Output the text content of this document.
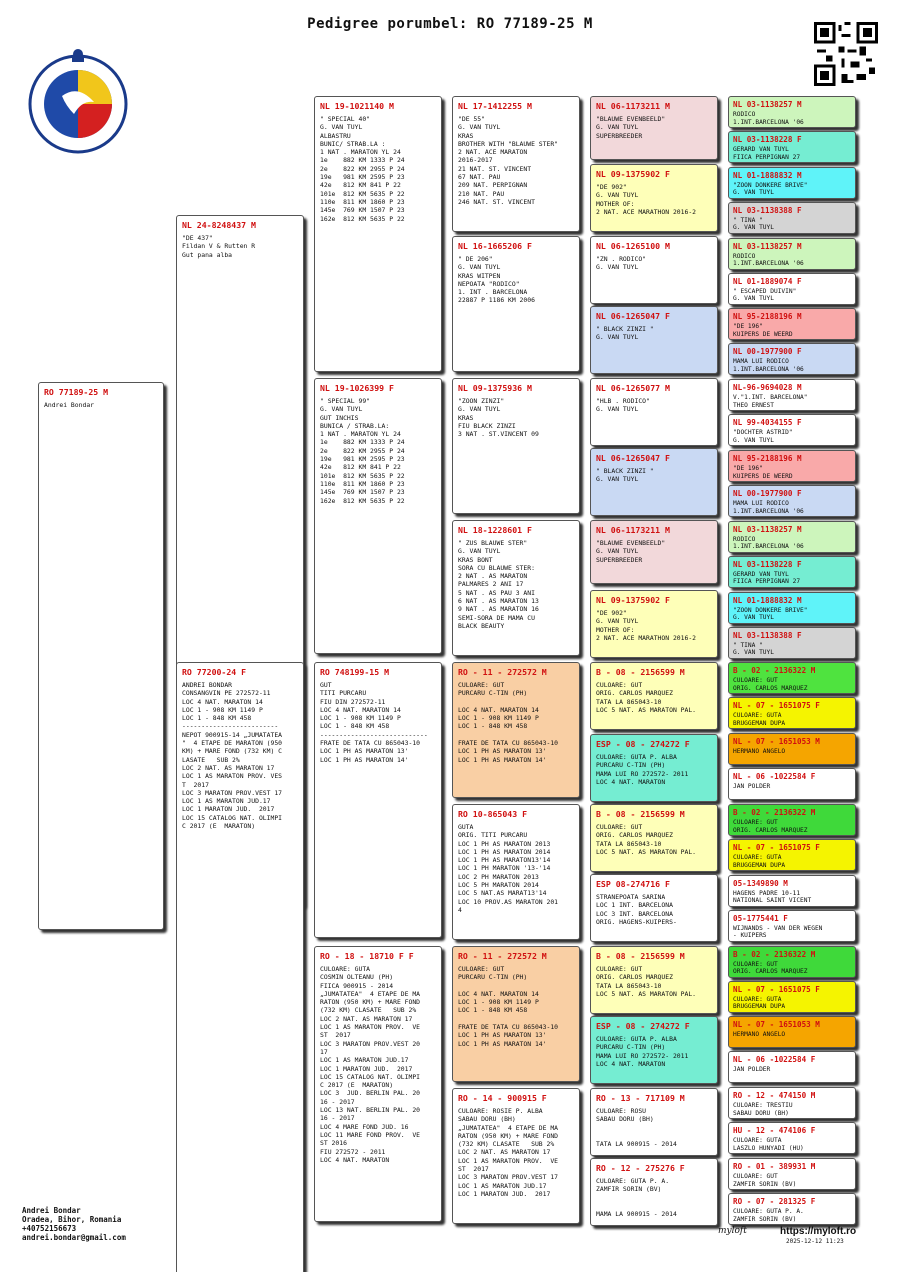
Pedigree porumbel: RO 77189-25 M
RO 77189-25 M
Andrei Bondar
NL 24-8248437 M
"DE 437"
Fildan V & Rutten R
Gut pana alba
RO 77200-24 F
ANDREI BONDAR
CONSANGVIN PE 272572-11
LOC 4 NAT. MARATON 14
LOC 1 - 908 KM 1149 P
LOC 1 - 848 KM 458
-------------------------
NEPOT 900915-14 „JUMATATEA
"  4 ETAPE DE MARATON (950
KM) + MARE FOND (732 KM) C
LASATE   SUB 2%
LOC 2 NAT. AS MARATON 17
LOC 1 AS MARATON PROV. VES
T  2017
LOC 3 MARATON PROV.VEST 17
LOC 1 AS MARATON JUD.17
LOC 1 MARATON JUD.  2017
LOC 15 CATALOG NAT. OLIMPI
C 2017 (E  MARATON)
NL 19-1021140 M
" SPECIAL 40"
G. VAN TUYL
ALBASTRU
BUNIC/ STRAB.LA :
1 NAT . MARATON YL 24
1e    882 KM 1333 P 24
2e    822 KM 2955 P 24
19e   981 KM 2595 P 23
42e   812 KM 841 P 22
101e  812 KM 5635 P 22
110e  811 KM 1860 P 23
145e  769 KM 1507 P 23
162e  812 KM 5635 P 22
NL 19-1026399 F
" SPECIAL 99"
G. VAN TUYL
GUT INCHIS
BUNICA / STRAB.LA:
1 NAT . MARATON YL 24
1e    882 KM 1333 P 24
2e    822 KM 2955 P 24
19e   981 KM 2595 P 23
42e   812 KM 841 P 22
101e  812 KM 5635 P 22
110e  811 KM 1860 P 23
145e  769 KM 1507 P 23
162e  812 KM 5635 P 22
RO 748199-15 M
GUT
TITI PURCARU
FIU DIN 272572-11
LOC 4 NAT. MARATON 14
LOC 1 - 908 KM 1149 P
LOC 1 - 848 KM 458
----------------------------
FRATE DE TATA CU 865043-10
LOC 1 PH AS MARATON 13'
LOC 1 PH AS MARATON 14'
RO - 18 - 18710 F F
CULOARE: GUTA
COSMIN OLTEANU (PH)
FIICA 900915 - 2014
„JUMATATEA"  4 ETAPE DE MA
RATON (950 KM) + MARE FOND
(732 KM) CLASATE   SUB 2%
LOC 2 NAT. AS MARATON 17
LOC 1 AS MARATON PROV.  VE
ST  2017
LOC 3 MARATON PROV.VEST 20
17
LOC 1 AS MARATON JUD.17
LOC 1 MARATON JUD.  2017
LOC 15 CATALOG NAT. OLIMPI
C 2017 (E  MARATON)
LOC 3  JUD. BERLIN PAL. 20
16 - 2017
LOC 13 NAT. BERLIN PAL. 20
16 - 2017
LOC 4 MARE FOND JUD. 16
LOC 11 MARE FOND PROV.  VE
ST 2016
FIU 272572 - 2011
LOC 4 NAT. MARATON
NL 17-1412255 M
"DE 55"
G. VAN TUYL
KRAS
BROTHER WITH "BLAUWE STER"
2 NAT. ACE MARATON
2016-2017
21 NAT. ST. VINCENT
67 NAT. PAU
209 NAT. PERPIGNAN
210 NAT. PAU
246 NAT. ST. VINCENT
NL 16-1665206 F
" DE 206"
G. VAN TUYL
KRAS WITPEN
NEPOATA "RODICO"
1. INT . BARCELONA
22887 P 1186 KM 2006
NL 09-1375936 M
"ZOON ZINZI"
G. VAN TUYL
KRAS
FIU BLACK ZINZI
3 NAT . ST.VINCENT 09
NL 18-1228601 F
" ZUS BLAUWE STER"
G. VAN TUYL
KRAS BONT
SORA CU BLAUWE STER:
2 NAT . AS MARATON
PALMARES 2 ANI 17
5 NAT . AS PAU 3 ANI
6 NAT . AS MARATON 13
9 NAT . AS MARATON 16
SEMI-SORA DE MAMA CU
BLACK BEAUTY
RO - 11 - 272572 M
CULOARE: GUT
PURCARU C-TIN (PH)

LOC 4 NAT. MARATON 14
LOC 1 - 908 KM 1149 P
LOC 1 - 848 KM 458

FRATE DE TATA CU 865043-10
LOC 1 PH AS MARATON 13'
LOC 1 PH AS MARATON 14'
RO 10-865043 F
GUTA
ORIG. TITI PURCARU
LOC 1 PH AS MARATON 2013
LOC 1 PH AS MARATON 2014
LOC 1 PH AS MARATON13'14
LOC 1 PH MARATON '13-'14
LOC 2 PH MARATON 2013
LOC 5 PH MARATON 2014
LOC 5 NAT.AS MARAT13'14
LOC 10 PROV.AS MARATON 201
4
RO - 11 - 272572 M
CULOARE: GUT
PURCARU C-TIN (PH)

LOC 4 NAT. MARATON 14
LOC 1 - 908 KM 1149 P
LOC 1 - 848 KM 458

FRATE DE TATA CU 865043-10
LOC 1 PH AS MARATON 13'
LOC 1 PH AS MARATON 14'
RO - 14 - 900915 F
CULOARE: ROSIE P. ALBA
SABAU DORU (BH)
„JUMATATEA"  4 ETAPE DE MA
RATON (950 KM) + MARE FOND
(732 KM) CLASATE   SUB 2%
LOC 2 NAT. AS MARATON 17
LOC 1 AS MARATON PROV.  VE
ST  2017
LOC 3 MARATON PROV.VEST 17
LOC 1 AS MARATON JUD.17
LOC 1 MARATON JUD.  2017
NL 06-1173211 M
"BLAUWE EVENBEELD"
G. VAN TUYL
SUPERBREEDER
NL 09-1375902 F
"DE 902"
G. VAN TUYL
MOTHER OF:
2 NAT. ACE MARATHON 2016-2
NL 06-1265100 M
"ZN . RODICO"
G. VAN TUYL
NL 06-1265047 F
" BLACK ZINZI "
G. VAN TUYL
NL 06-1265077 M
"HLB . RODICO"
G. VAN TUYL
NL 06-1265047 F
" BLACK ZINZI "
G. VAN TUYL
NL 06-1173211 M
"BLAUWE EVENBEELD"
G. VAN TUYL
SUPERBREEDER
NL 09-1375902 F
"DE 902"
G. VAN TUYL
MOTHER OF:
2 NAT. ACE MARATHON 2016-2
B - 08 - 2156599 M
CULOARE: GUT
ORIG. CARLOS MARQUEZ
TATA LA 865043-10
LOC 5 NAT. AS MARATON PAL.
ESP - 08 - 274272 F
CULOARE: GUTA P. ALBA
PURCARU C-TIN (PH)
MAMA LUI RO 272572- 2011
LOC 4 NAT. MARATON
B - 08 - 2156599 M
CULOARE: GUT
ORIG. CARLOS MARQUEZ
TATA LA 865043-10
LOC 5 NAT. AS MARATON PAL.
ESP 08-274716 F
STRANEPOATA SARINA
LOC 1 INT. BARCELONA
LOC 3 INT. BARCELONA
ORIG. HAGENS-KUIPERS-
B - 08 - 2156599 M
CULOARE: GUT
ORIG. CARLOS MARQUEZ
TATA LA 865043-10
LOC 5 NAT. AS MARATON PAL.
ESP - 08 - 274272 F
CULOARE: GUTA P. ALBA
PURCARU C-TIN (PH)
MAMA LUI RO 272572- 2011
LOC 4 NAT. MARATON
RO - 13 - 717109 M
CULOARE: ROSU
SABAU DORU (BH)

TATA LA 900915 - 2014
RO - 12 - 275276 F
CULOARE: GUTA P. A.
ZAMFIR SORIN (BV)

MAMA LA 900915 - 2014
NL 03-1138257 M
RODICO
1.INT.BARCELONA '06
NL 03-1138228 F
GERARD VAN TUYL
FIICA PERPIGNAN 27
NL 01-1888832 M
"ZOON DONKERE BRIVE"
G. VAN TUYL
NL 03-1138388 F
" TINA "
G. VAN TUYL
NL 03-1138257 M
RODICO
1.INT.BARCELONA '06
NL 01-1889074 F
" ESCAPED DUIVIN"
G. VAN TUYL
NL 95-2188196 M
"DE 196"
KUIPERS DE WEERD
NL 00-1977900 F
MAMA LUI RODICO
1.INT.BARCELONA '06
NL-96-9694028 M
V."1.INT. BARCELONA"
THEO ERNEST
NL 99-4034155 F
"DOCHTER ASTRID"
G. VAN TUYL
NL 95-2188196 M
"DE 196"
KUIPERS DE WEERD
NL 00-1977900 F
MAMA LUI RODICO
1.INT.BARCELONA '06
NL 03-1138257 M
RODICO
1.INT.BARCELONA '06
NL 03-1138228 F
GERARD VAN TUYL
FIICA PERPIGNAN 27
NL 01-1888832 M
"ZOON DONKERE BRIVE"
G. VAN TUYL
NL 03-1138388 F
" TINA "
G. VAN TUYL
B - 02 - 2136322 M
CULOARE: GUT
ORIG. CARLOS MARQUEZ
NL - 07 - 1651075 F
CULOARE: GUTA
BRUGGEMAN DUPA
NL - 07 - 1651053 M
HERMANO ANGELO
NL - 06 -1022584 F
JAN POLDER
B - 02 - 2136322 M
CULOARE: GUT
ORIG. CARLOS MARQUEZ
NL - 07 - 1651075 F
CULOARE: GUTA
BRUGGEMAN DUPA
05-1349890 M
HAGENS PADRE 10-11
NATIONAL SAINT VICENT
05-1775441 F
WIJNANDS - VAN DER WEGEN
- KUIPERS
B - 02 - 2136322 M
CULOARE: GUT
ORIG. CARLOS MARQUEZ
NL - 07 - 1651075 F
CULOARE: GUTA
BRUGGEMAN DUPA
NL - 07 - 1651053 M
HERMANO ANGELO
NL - 06 -1022584 F
JAN POLDER
RO - 12 - 474150 M
CULOARE: TRESTIU
SABAU DORU (BH)
HU - 12 - 474106 F
CULOARE: GUTA
LASZLO HUNYADI (HU)
RO - 01 - 389931 M
CULOARE: GUT
ZAMFIR SORIN (BV)
RO - 07 - 281325 F
CULOARE: GUTA P. A.
ZAMFIR SORIN (BV)
Andrei Bondar
Oradea, Bihor, Romania
+40752156673
andrei.bondar@gmail.com
myloft	https://myloft.ro
2025-12-12 11:23
